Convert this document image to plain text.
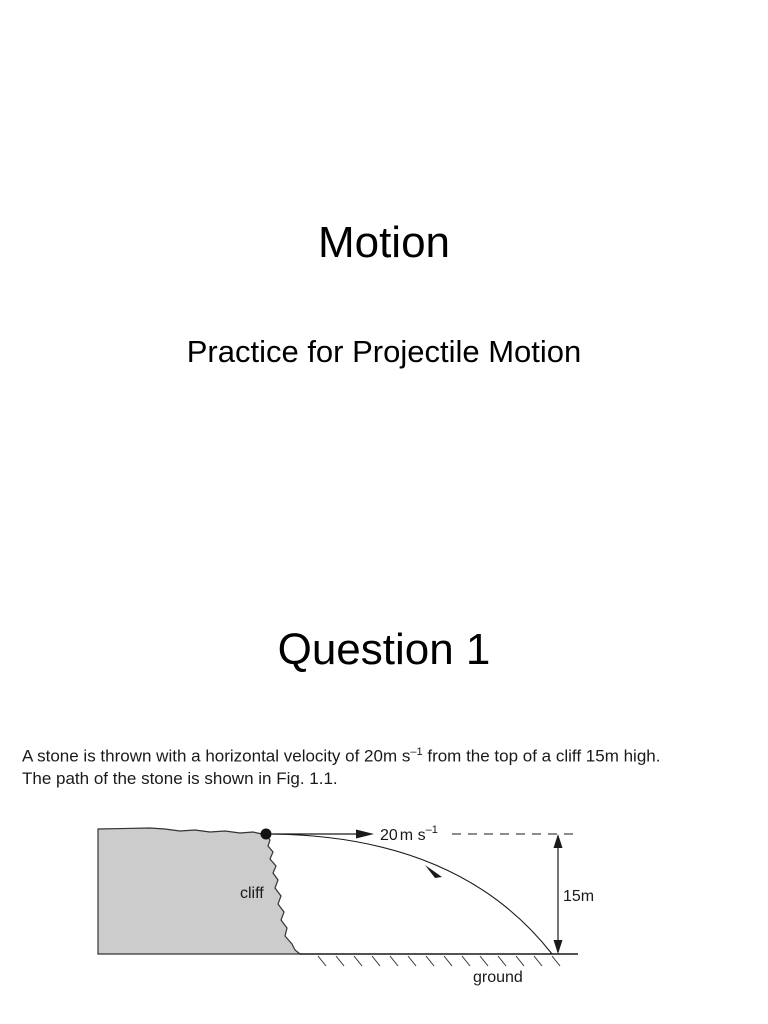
Motion
Practice for Projectile Motion
Question 1

A stone is thrown with a horizontal velocity of 20m $s^{-1}$ from the top of a cliff 15m high.
The path of the stone is shown in Fig. 1.1.

20 m $s^{-1}$
cliff	15m
ground
